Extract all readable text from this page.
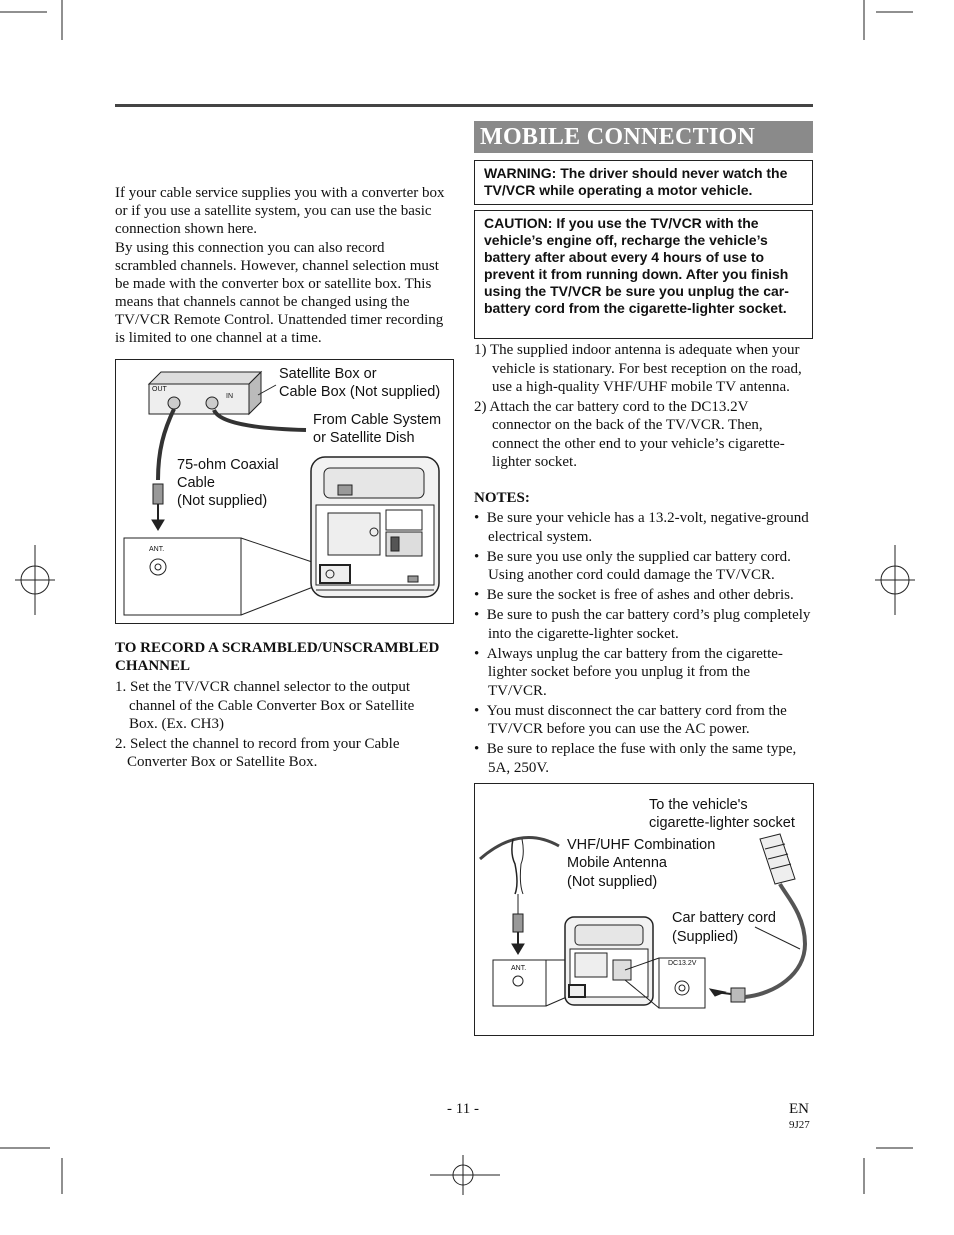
MOBILE CONNECTION
If your cable service supplies you with a converter box or if you use a satellite system, you can use the basic connection shown here.
By using this connection you can also record scrambled channels. However, channel selection must be made with the converter box or satellite box. This means that channels cannot be changed using the TV/VCR Remote Control. Unattended timer recording is limited to one channel at a time.
OUT
IN
ANT.
Satellite Box or
Cable Box (Not supplied)
From Cable System
or Satellite Dish
75-ohm Coaxial
Cable
(Not supplied)
TO RECORD A SCRAMBLED/UNSCRAMBLED CHANNEL
1. Set the TV/VCR channel selector to the output channel of the Cable Converter Box or Satellite Box. (Ex. CH3)
2. Select the channel to record from your Cable Converter Box or Satellite Box.
WARNING: The driver should never watch the TV/VCR while operating a motor vehicle.
CAUTION: If you use the TV/VCR with the vehicle’s engine off, recharge the vehicle’s battery after about every 4 hours of use to prevent it from running down. After you finish using the TV/VCR be sure you unplug the car-battery cord from the cigarette-lighter socket.
1) The supplied indoor antenna is adequate when your vehicle is stationary. For best reception on the road, use a high-quality VHF/UHF mobile TV antenna.
2) Attach the car battery cord to the DC13.2V connector on the back of the TV/VCR. Then, connect the other end to your vehicle’s cigarette-lighter socket.
NOTES:
•  Be sure your vehicle has a 13.2-volt, negative-ground electrical system.
•  Be sure you use only the supplied car battery cord. Using another cord could damage the TV/VCR.
•  Be sure the socket is free of ashes and other debris.
•  Be sure to push the car battery cord’s plug completely into the cigarette-lighter socket.
•  Always unplug the car battery from the cigarette-lighter socket before you unplug it from the TV/VCR.
•  You must disconnect the car battery cord from the TV/VCR before you can use the AC power.
•  Be sure to replace the fuse with only the same type, 5A, 250V.
ANT.
DC13.2V
To the vehicle's
cigarette-lighter socket
VHF/UHF Combination
Mobile Antenna
(Not supplied)
Car battery cord
(Supplied)
- 11 -	EN
9J27
